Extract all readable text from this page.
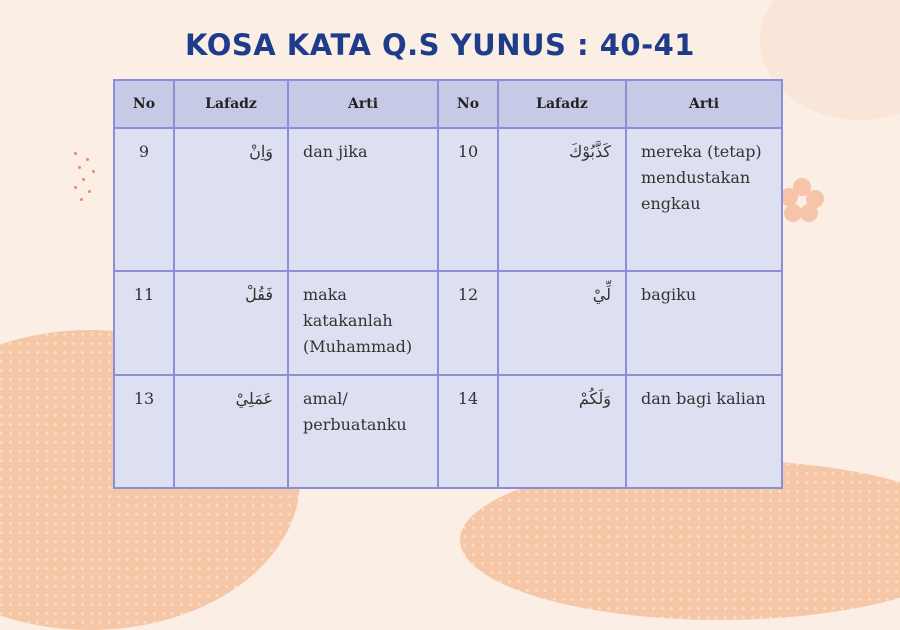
KOSA KATA Q.S YUNUS : 40-41
No	Lafadz	Arti	No	Lafadz	Arti
9	وَاِنْ	dan jika	10	كَذَّبُوْكَ	mereka (tetap) mendustakan engkau
11	فَقُلْ	maka katakanlah (Muhammad)	12	لِّيْ	bagiku
13	عَمَلِيْ	amal/ perbuatanku	14	وَلَكُمْ	dan bagi kalian
